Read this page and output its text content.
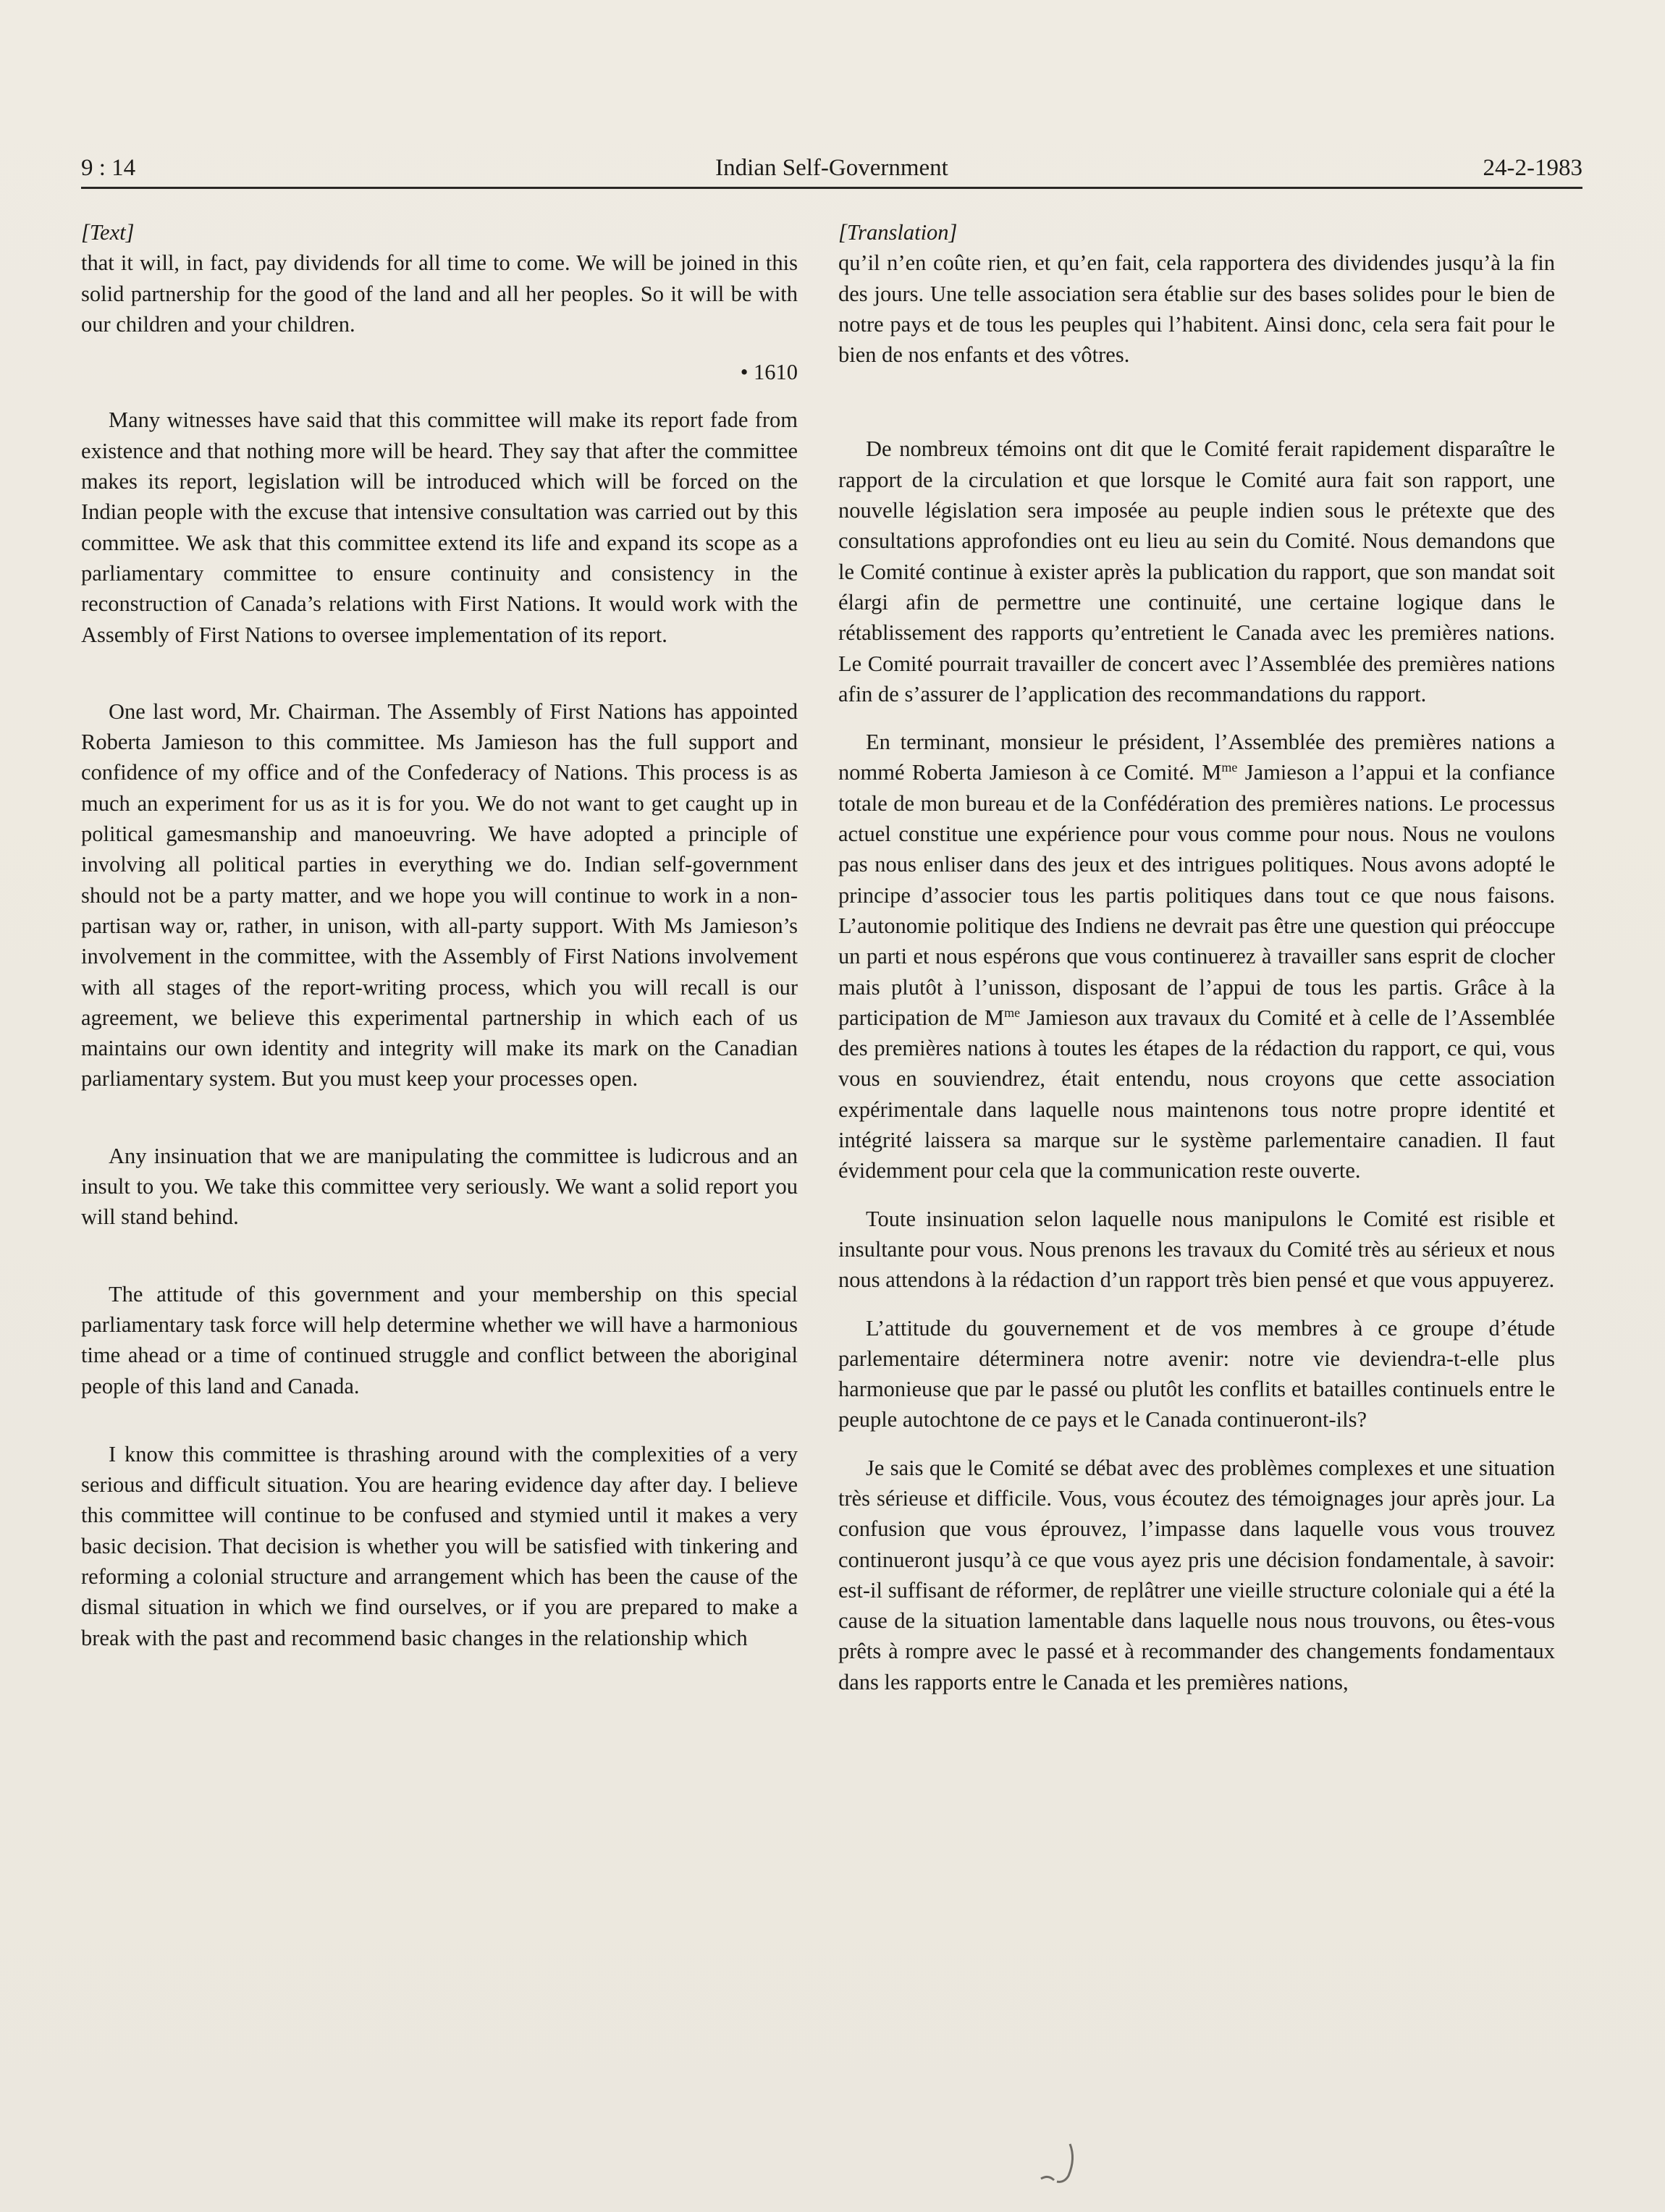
9 : 14	Indian Self-Government	24-2-1983

[Text]

that it will, in fact, pay dividends for all time to come. We will be joined in this solid partnership for the good of the land and all her peoples. So it will be with our children and your children.

• 1610

Many witnesses have said that this committee will make its report fade from existence and that nothing more will be heard. They say that after the committee makes its report, legislation will be introduced which will be forced on the Indian people with the excuse that intensive consultation was carried out by this committee. We ask that this committee extend its life and expand its scope as a parliamentary committee to ensure continuity and consistency in the reconstruction of Canada’s relations with First Nations. It would work with the Assembly of First Nations to oversee implementation of its report.

One last word, Mr. Chairman. The Assembly of First Nations has appointed Roberta Jamieson to this committee. Ms Jamieson has the full support and confidence of my office and of the Confederacy of Nations. This process is as much an experiment for us as it is for you. We do not want to get caught up in political gamesmanship and manoeuvring. We have adopted a principle of involving all political parties in everything we do. Indian self-government should not be a party matter, and we hope you will continue to work in a non-partisan way or, rather, in unison, with all-party support. With Ms Jamieson’s involvement in the committee, with the Assembly of First Nations involvement with all stages of the report-writing process, which you will recall is our agreement, we believe this experimental partnership in which each of us maintains our own identity and integrity will make its mark on the Canadian parliamentary system. But you must keep your processes open.

Any insinuation that we are manipulating the committee is ludicrous and an insult to you. We take this committee very seriously. We want a solid report you will stand behind.

The attitude of this government and your membership on this special parliamentary task force will help determine whether we will have a harmonious time ahead or a time of continued struggle and conflict between the aboriginal people of this land and Canada.

I know this committee is thrashing around with the complexities of a very serious and difficult situation. You are hearing evidence day after day. I believe this committee will continue to be confused and stymied until it makes a very basic decision. That decision is whether you will be satisfied with tinkering and reforming a colonial structure and arrangement which has been the cause of the dismal situation in which we find ourselves, or if you are prepared to make a break with the past and recommend basic changes in the relationship which

[Translation]

qu’il n’en coûte rien, et qu’en fait, cela rapportera des dividendes jusqu’à la fin des jours. Une telle association sera établie sur des bases solides pour le bien de notre pays et de tous les peuples qui l’habitent. Ainsi donc, cela sera fait pour le bien de nos enfants et des vôtres.

De nombreux témoins ont dit que le Comité ferait rapidement disparaître le rapport de la circulation et que lorsque le Comité aura fait son rapport, une nouvelle législation sera imposée au peuple indien sous le prétexte que des consultations approfondies ont eu lieu au sein du Comité. Nous demandons que le Comité continue à exister après la publication du rapport, que son mandat soit élargi afin de permettre une continuité, une certaine logique dans le rétablissement des rapports qu’entretient le Canada avec les premières nations. Le Comité pourrait travailler de concert avec l’Assemblée des premières nations afin de s’assurer de l’application des recommandations du rapport.

En terminant, monsieur le président, l’Assemblée des premières nations a nommé Roberta Jamieson à ce Comité. $M^{me}$ Jamieson a l’appui et la confiance totale de mon bureau et de la Confédération des premières nations. Le processus actuel constitue une expérience pour vous comme pour nous. Nous ne voulons pas nous enliser dans des jeux et des intrigues politiques. Nous avons adopté le principe d’associer tous les partis politiques dans tout ce que nous faisons. L’autonomie politique des Indiens ne devrait pas être une question qui préoccupe un parti et nous espérons que vous continuerez à travailler sans esprit de clocher mais plutôt à l’unisson, disposant de l’appui de tous les partis. Grâce à la participation de $M^{me}$ Jamieson aux travaux du Comité et à celle de l’Assemblée des premières nations à toutes les étapes de la rédaction du rapport, ce qui, vous vous en souviendrez, était entendu, nous croyons que cette association expérimentale dans laquelle nous maintenons tous notre propre identité et intégrité laissera sa marque sur le système parlementaire canadien. Il faut évidemment pour cela que la communication reste ouverte.

Toute insinuation selon laquelle nous manipulons le Comité est risible et insultante pour vous. Nous prenons les travaux du Comité très au sérieux et nous nous attendons à la rédaction d’un rapport très bien pensé et que vous appuyerez.

L’attitude du gouvernement et de vos membres à ce groupe d’étude parlementaire déterminera notre avenir: notre vie deviendra-t-elle plus harmonieuse que par le passé ou plutôt les conflits et batailles continuels entre le peuple autochtone de ce pays et le Canada continueront-ils?

Je sais que le Comité se débat avec des problèmes complexes et une situation très sérieuse et difficile. Vous, vous écoutez des témoignages jour après jour. La confusion que vous éprouvez, l’impasse dans laquelle vous vous trouvez continueront jusqu’à ce que vous ayez pris une décision fondamentale, à savoir: est-il suffisant de réformer, de replâtrer une vieille structure coloniale qui a été la cause de la situation lamentable dans laquelle nous nous trouvons, ou êtes-vous prêts à rompre avec le passé et à recommander des changements fondamentaux dans les rapports entre le Canada et les premières nations,
